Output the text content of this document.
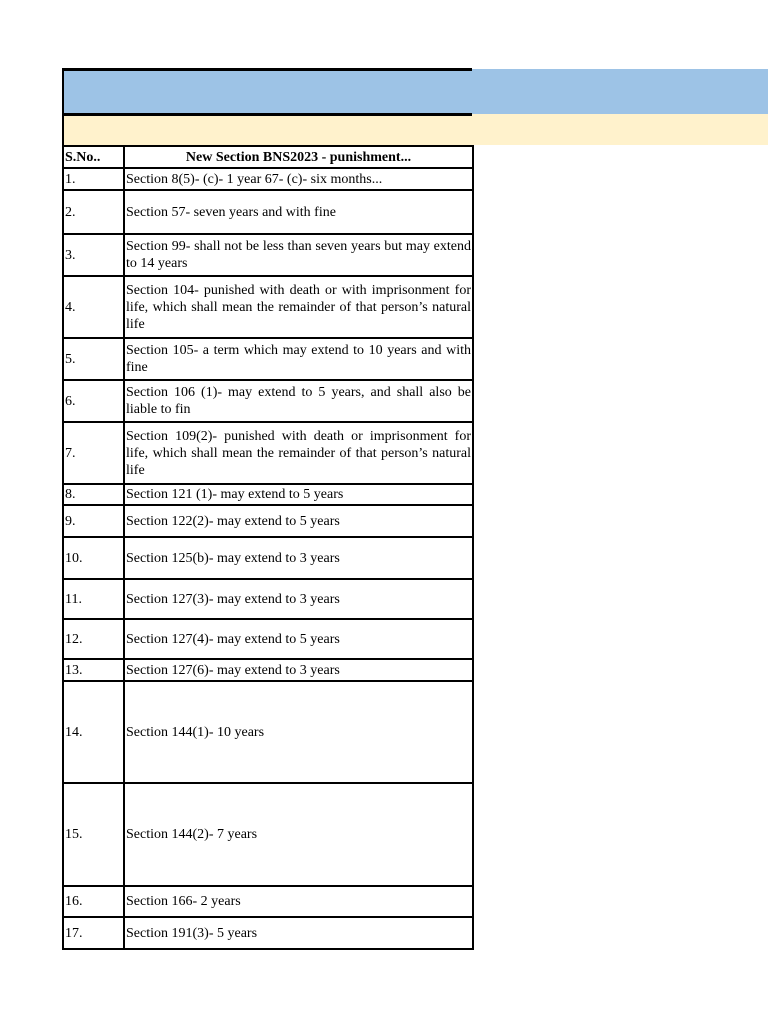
S.No..	New Section BNS2023 - punishment...
1.	Section 8(5)- (c)- 1 year 67- (c)- six months...
2.	Section 57- seven years and with fine
3.	Section 99- shall not be less than seven years but may extend to 14 years
4.	Section 104- punished with death or with imprisonment for life, which shall mean the remainder of that person’s natural life
5.	Section 105- a term which may extend to 10 years and with fine
6.	Section 106 (1)- may extend to 5 years, and shall also be liable to fin
7.	Section 109(2)- punished with death or imprisonment for life, which shall mean the remainder of that person’s natural life
8.	Section 121 (1)- may extend to 5 years
9.	Section 122(2)- may extend to 5 years
10.	Section 125(b)- may extend to 3 years
11.	Section 127(3)- may extend to 3 years
12.	Section 127(4)- may extend to 5 years
13.	Section 127(6)- may extend to 3 years
14.	Section 144(1)- 10 years
15.	Section 144(2)- 7 years
16.	Section 166- 2 years
17.	Section 191(3)- 5 years
